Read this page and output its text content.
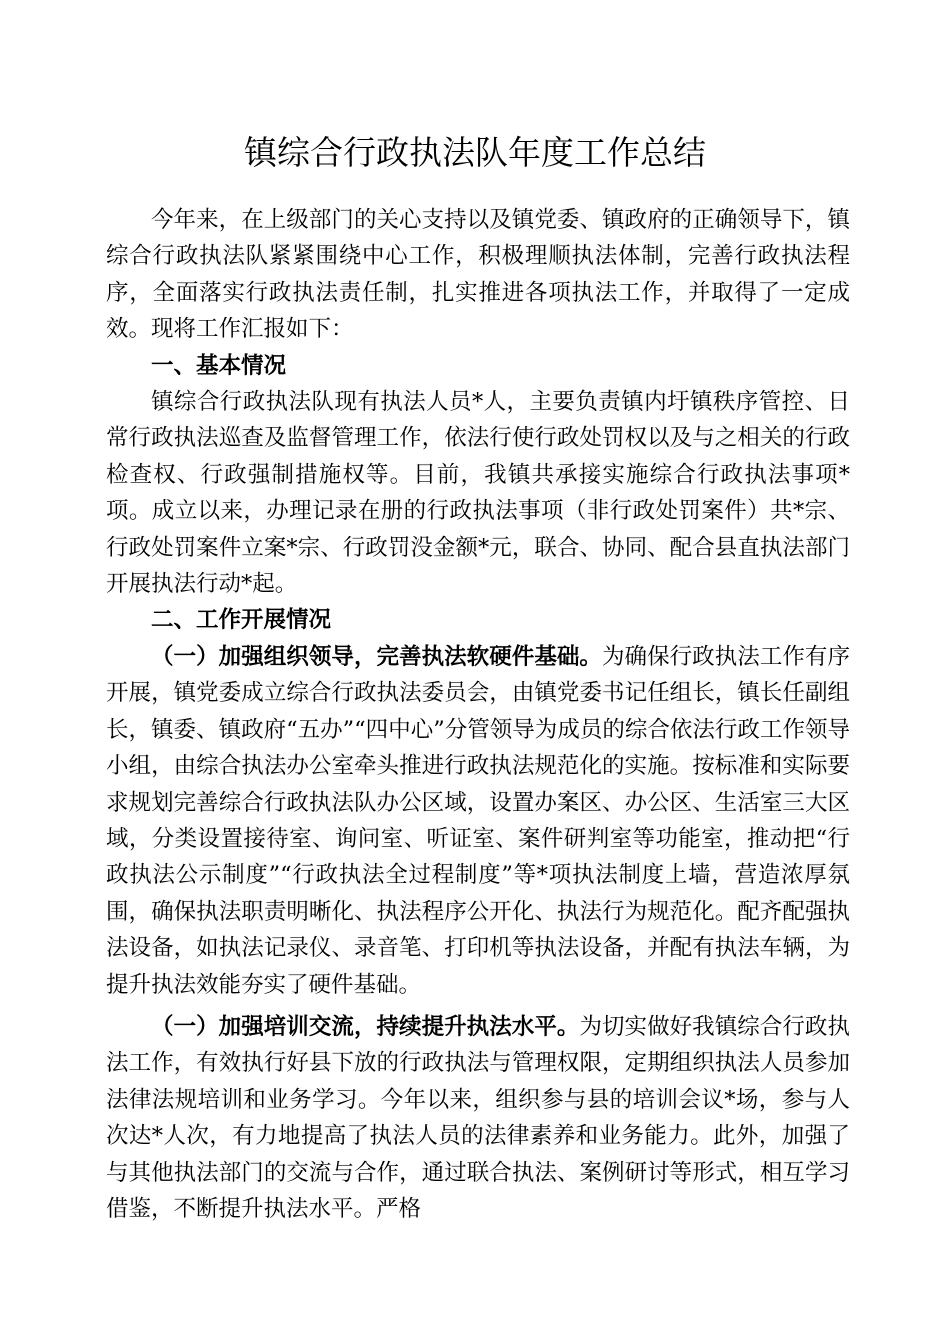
镇综合行政执法队年度工作总结

今年来，在上级部门的关心支持以及镇党委、镇政府的正确领导下，镇综合行政执法队紧紧围绕中心工作，积极理顺执法体制，完善行政执法程序，全面落实行政执法责任制，扎实推进各项执法工作，并取得了一定成效。现将工作汇报如下：

一、基本情况

镇综合行政执法队现有执法人员*人，主要负责镇内圩镇秩序管控、日常行政执法巡查及监督管理工作，依法行使行政处罚权以及与之相关的行政检查权、行政强制措施权等。目前，我镇共承接实施综合行政执法事项*项。成立以来，办理记录在册的行政执法事项（非行政处罚案件）共*宗、行政处罚案件立案*宗、行政罚没金额*元，联合、协同、配合县直执法部门开展执法行动*起。

二、工作开展情况

（一）加强组织领导，完善执法软硬件基础。为确保行政执法工作有序开展，镇党委成立综合行政执法委员会，由镇党委书记任组长，镇长任副组长，镇委、镇政府“五办”“四中心”分管领导为成员的综合依法行政工作领导小组，由综合执法办公室牵头推进行政执法规范化的实施。按标准和实际要求规划完善综合行政执法队办公区域，设置办案区、办公区、生活室三大区域，分类设置接待室、询问室、听证室、案件研判室等功能室，推动把“行政执法公示制度”“行政执法全过程制度”等*项执法制度上墙，营造浓厚氛围，确保执法职责明晰化、执法程序公开化、执法行为规范化。配齐配强执法设备，如执法记录仪、录音笔、打印机等执法设备，并配有执法车辆，为提升执法效能夯实了硬件基础。

（一）加强培训交流，持续提升执法水平。为切实做好我镇综合行政执法工作，有效执行好县下放的行政执法与管理权限，定期组织执法人员参加法律法规培训和业务学习。今年以来，组织参与县的培训会议*场，参与人次达*人次，有力地提高了执法人员的法律素养和业务能力。此外，加强了与其他执法部门的交流与合作，通过联合执法、案例研讨等形式，相互学习借鉴，不断提升执法水平。严格
